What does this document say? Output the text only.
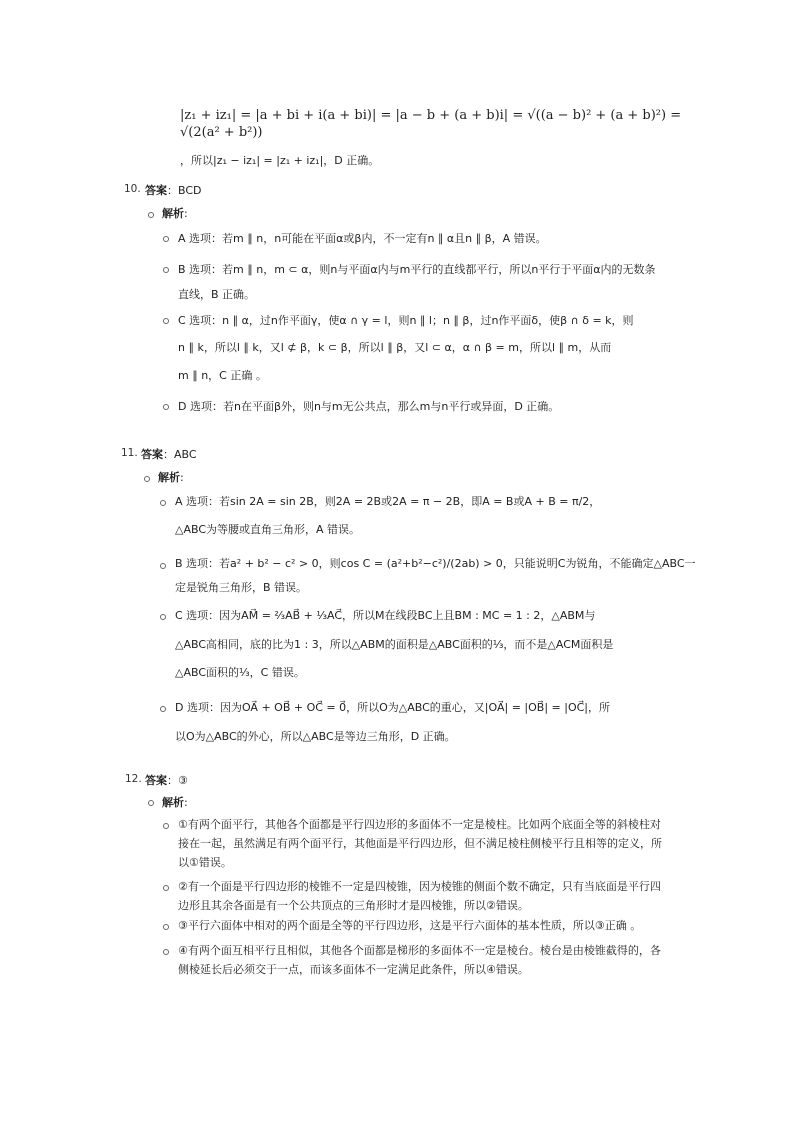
|z₁ + iz₁| = |a + bi + i(a + bi)| = |a − b + (a + b)i| = √((a − b)² + (a + b)²) =
√(2(a² + b²))
，所以|z₁ − iz₁| = |z₁ + iz₁|，D 正确。
10. 答案：BCD
解析:
A 选项：若m ∥ n，n可能在平面α或β内，不一定有n ∥ α且n ∥ β，A 错误。
B 选项：若m ∥ n，m ⊂ α，则n与平面α内与m平行的直线都平行，所以n平行于平面α内的无数条
直线，B 正确。
C 选项：n ∥ α，过n作平面γ，使α ∩ γ = l，则n ∥ l；n ∥ β，过n作平面δ，使β ∩ δ = k，则
n ∥ k，所以l ∥ k，又l ⊄ β，k ⊂ β，所以l ∥ β，又l ⊂ α，α ∩ β = m，所以l ∥ m，从而
m ∥ n，C 正确 。
D 选项：若n在平面β外，则n与m无公共点，那么m与n平行或异面，D 正确。
11. 答案：ABC
解析:
A 选项：若sin 2A = sin 2B，则2A = 2B或2A = π − 2B，即A = B或A + B = π/2，
△ABC为等腰或直角三角形，A 错误。
B 选项：若a² + b² − c² > 0，则cos C = (a²+b²−c²)/(2ab) > 0，只能说明C为锐角，不能确定△ABC一
定是锐角三角形，B 错误。
C 选项：因为AM⃗ = ⅔AB⃗ + ⅓AC⃗，所以M在线段BC上且BM : MC = 1 : 2，△ABM与
△ABC高相同，底的比为1 : 3，所以△ABM的面积是△ABC面积的⅓，而不是△ACM面积是
△ABC面积的⅓，C 错误。
D 选项：因为OA⃗ + OB⃗ + OC⃗ = 0⃗，所以O为△ABC的重心，又|OA⃗| = |OB⃗| = |OC⃗|，所
以O为△ABC的外心，所以△ABC是等边三角形，D 正确。
12. 答案：③
解析:
①有两个面平行，其他各个面都是平行四边形的多面体不一定是棱柱。比如两个底面全等的斜棱柱对
接在一起，虽然满足有两个面平行，其他面是平行四边形，但不满足棱柱侧棱平行且相等的定义，所
以①错误。
②有一个面是平行四边形的棱锥不一定是四棱锥，因为棱锥的侧面个数不确定，只有当底面是平行四
边形且其余各面是有一个公共顶点的三角形时才是四棱锥，所以②错误。
③平行六面体中相对的两个面是全等的平行四边形，这是平行六面体的基本性质，所以③正确 。
④有两个面互相平行且相似，其他各个面都是梯形的多面体不一定是棱台。棱台是由棱锥截得的，各
侧棱延长后必须交于一点，而该多面体不一定满足此条件，所以④错误。
